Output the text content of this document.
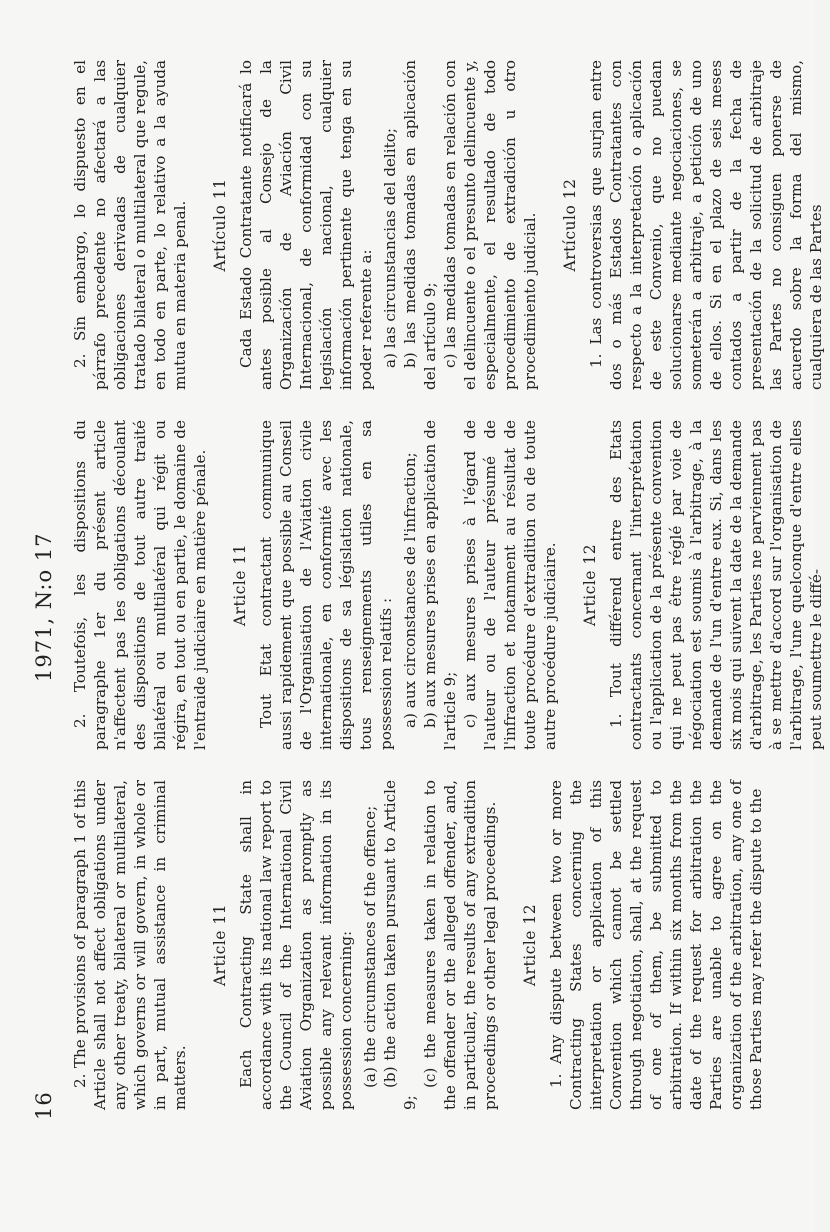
16
1971, N:o 17

2. The provisions of paragraph 1 of this Article shall not affect obligations under any other treaty, bilateral or multilateral, which governs or will govern, in whole or in part, mutual assistance in criminal matters.

Article 11 Each Contracting State shall in accordance with its national law report to the Council of the International Civil Aviation Organization as promptly as possible any relevant information in its possession concerning: (a) the circumstances of the offence; (b) the action taken pursuant to Article 9;

(c) the measures taken in relation to the offender or the alleged offender, and, in particular, the results of any extradition proceedings or other legal proceedings. Article 12 1. Any dispute between two or more Contracting States concerning the interpretation or application of this Convention which cannot be settled through negotiation, shall, at the request of one of them, be submitted to arbitration. If within six months from the date of the request for arbitration the Parties are unable to agree on the organization of the arbitration, any one of those Parties may refer the dispute to the

2. Toutefois, les dispositions du paragraphe 1er du présent article n'affectent pas les obligations découlant des dispositions de tout autre traité bilatéral ou multilatéral qui régit ou régira, en tout ou en partie, le domaine de l'entraide judiciaire en matière pénale. Article 11 Tout Etat contractant communique aussi rapidement que possible au Conseil de l'Organisation de l'Aviation civile internationale, en conformité avec les dispositions de sa législation nationale, tous renseignements utiles en sa possession relatifs : a) aux circonstances de l'infraction; b) aux mesures prises en application de l'article 9; c) aux mesures prises à l'égard de l'auteur ou de l'auteur présumé de l'infraction et notamment au résultat de toute procédure d'extradition ou de toute autre procédure judiciaire. Article 12 1. Tout différend entre des Etats contractants concernant l'interprétation ou l'application de la présente convention qui ne peut pas être réglé par voie de négociation est soumis à l'arbitrage, à la demande de l'un d'entre eux. Si, dans les six mois qui suivent la date de la demande d'arbitrage, les Parties ne parviennent pas à se mettre d'accord sur l'organisation de l'arbitrage, l'une quelconque d'entre elles peut soumettre le diffé-

2. Sin embargo, lo dispuesto en el párrafo precedente no afectará a las obligaciones derivadas de cualquier tratado bilateral o multilateral que regule, en todo en parte, lo relativo a la ayuda mutua en materia penal. Artículo 11 Cada Estado Contratante notificará lo antes posible al Consejo de la Organización de Aviación Civil Internacional, de conformidad con su legislación nacional, cualquier información pertinente que tenga en su poder referente a: a) las circunstancias del delito; b) las medidas tomadas en aplicación del artículo 9; c) las medidas tomadas en relación con el delincuente o el presunto delincuente y, especialmente, el resultado de todo procedimiento de extradición u otro procedimiento judicial. Artículo 12 1. Las controversias que surjan entre dos o más Estados Contratantes con respecto a la interpretación o aplicación de este Convenio, que no puedan solucionarse mediante negociaciones, se someterán a arbitraje, a petición de uno de ellos. Si en el plazo de seis meses contados a partir de la fecha de presentación de la solicitud de arbitraje las Partes no consiguen ponerse de acuerdo sobre la forma del mismo, cualquiera de las Partes
